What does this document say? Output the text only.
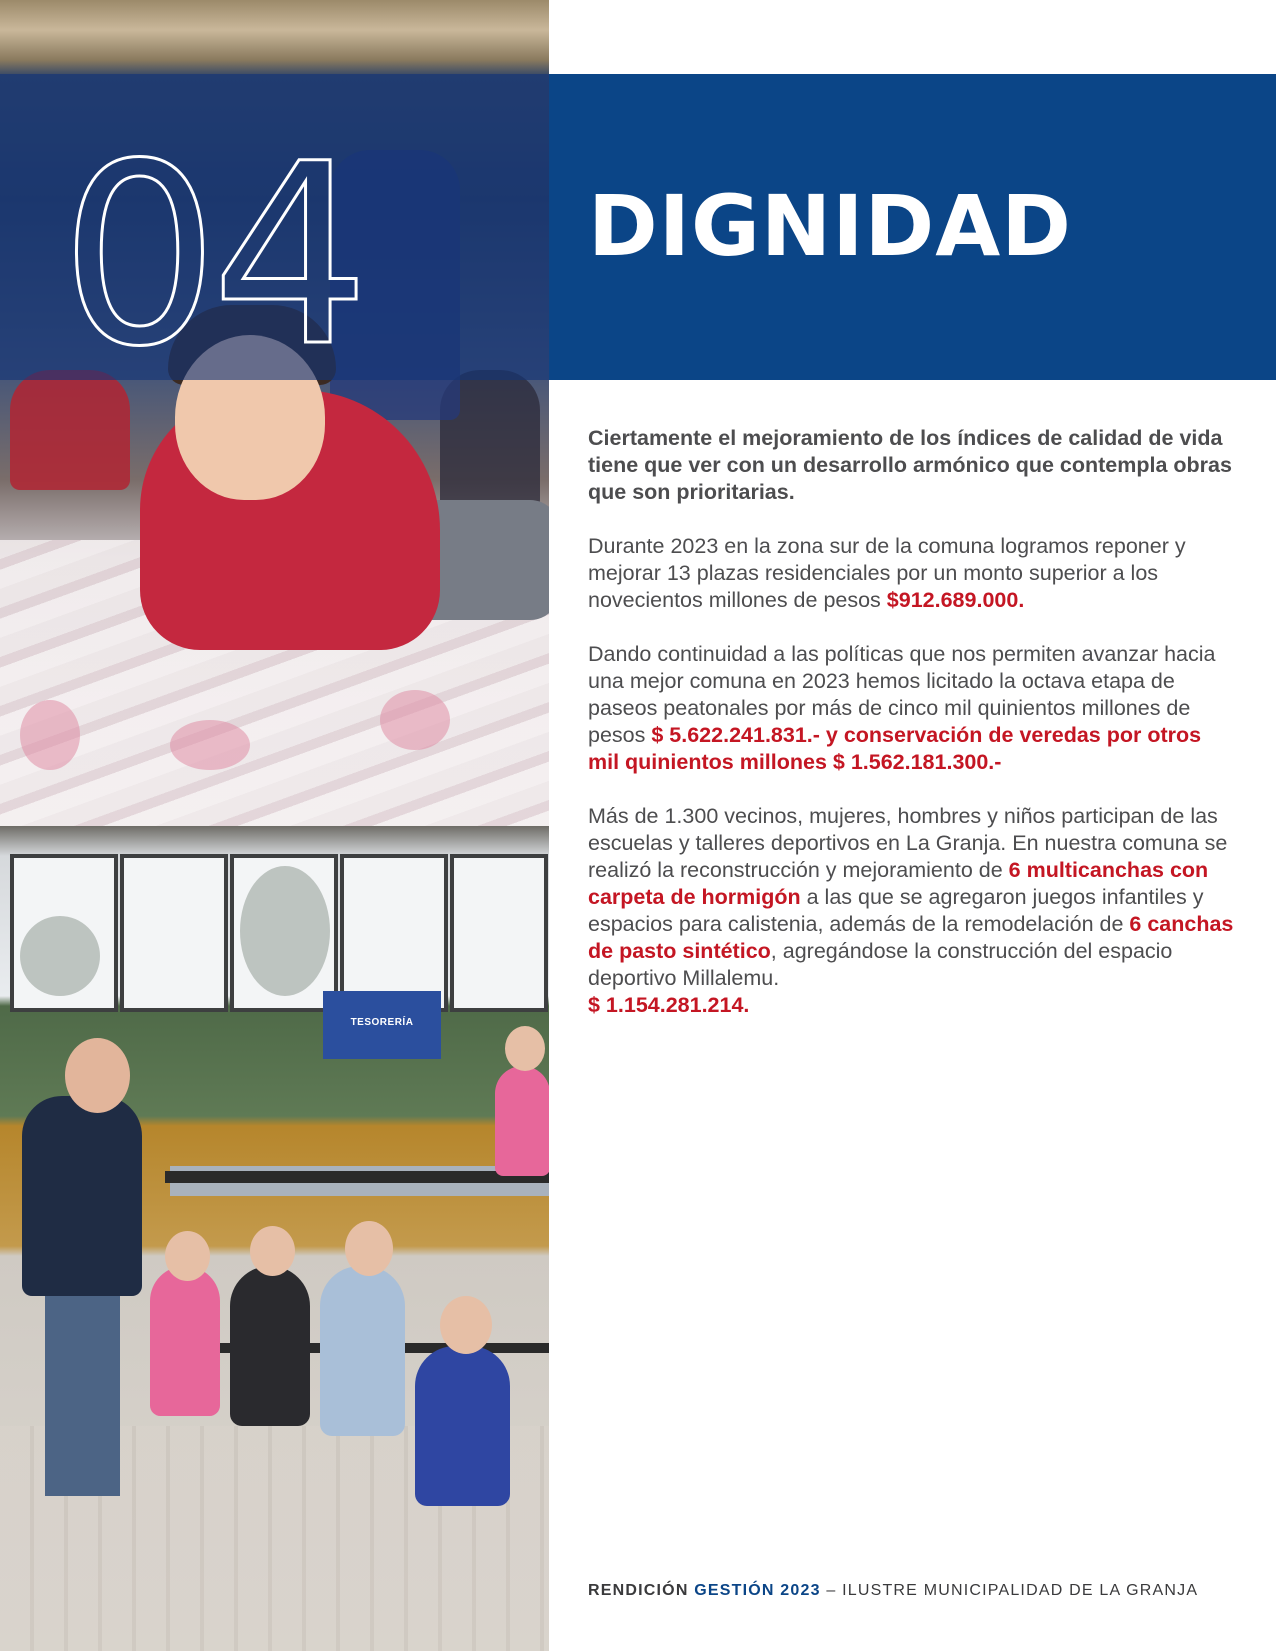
TESORERÍA
04	DIGNIDAD

Ciertamente el mejoramiento de los índices de calidad de vida tiene que ver con un desarrollo armónico que contempla obras que son prioritarias.

Durante 2023 en la zona sur de la comuna logramos reponer y mejorar 13 plazas residenciales por un monto superior a los novecientos millones de pesos $912.689.000.

Dando continuidad a las políticas que nos permiten avanzar hacia una mejor comuna en 2023 hemos licitado la octava etapa de paseos peatonales por más de cinco mil quinientos millones de pesos $ 5.622.241.831.- y conservación de veredas por otros mil quinientos millones $ 1.562.181.300.-

Más de 1.300 vecinos, mujeres, hombres y niños participan de las escuelas y talleres deportivos en La Granja. En nuestra comuna se realizó la reconstrucción y mejoramiento de 6 multicanchas con carpeta de hormigón a las que se agregaron juegos infantiles y espacios para calistenia, además de la remodelación de 6 canchas de pasto sintético, agregándose la construcción del espacio deportivo Millalemu.
$ 1.154.281.214.

RENDICIÓN GESTIÓN 2023 – ILUSTRE MUNICIPALIDAD DE LA GRANJA
